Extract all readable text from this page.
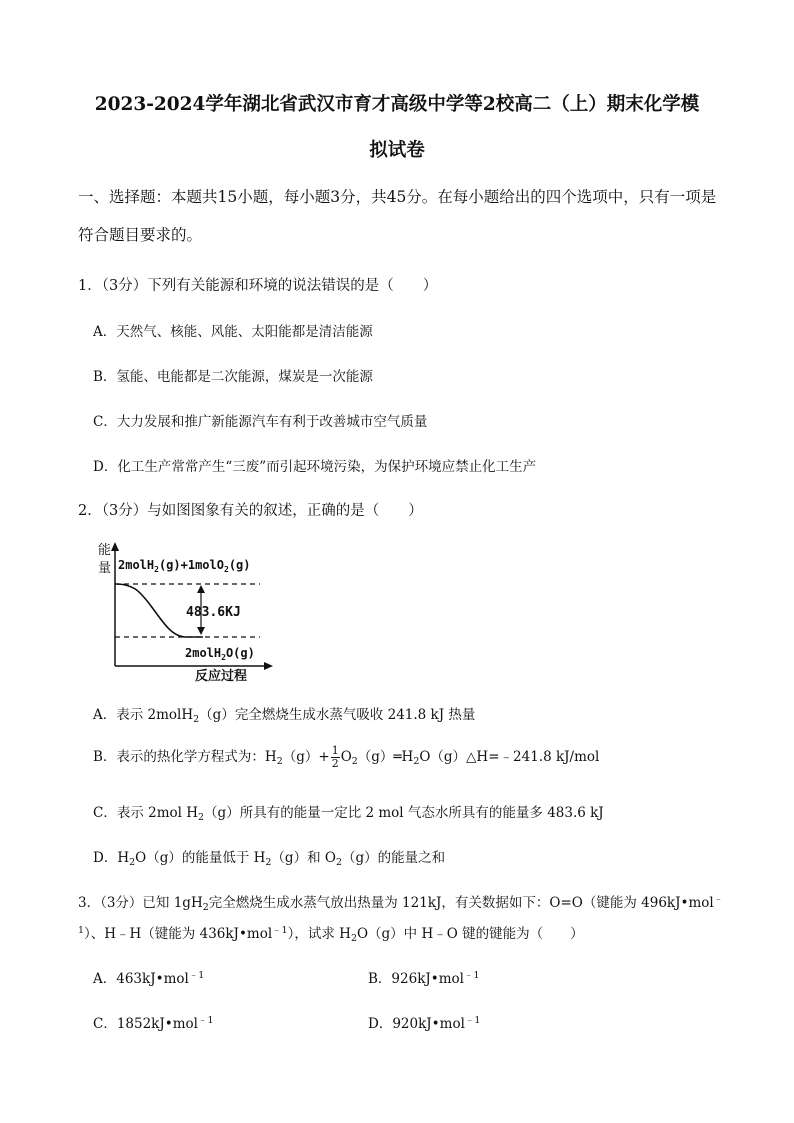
2023-2024学年湖北省武汉市育才高级中学等2校高二（上）期末化学模
拟试卷
一、选择题：本题共15小题，每小题3分，共45分。在每小题给出的四个选项中，只有一项是符合题目要求的。
1．（3分）下列有关能源和环境的说法错误的是（　　）
A．天然气、核能、风能、太阳能都是清洁能源
B．氢能、电能都是二次能源，煤炭是一次能源
C．大力发展和推广新能源汽车有利于改善城市空气质量
D．化工生产常常产生“三废”而引起环境污染，为保护环境应禁止化工生产
2．（3分）与如图图象有关的叙述，正确的是（　　）
能
量 2molH$_2$(g)+1molO$_2$(g)
483.6KJ
2molH$_2$O(g)
反应过程
A．表示 2molH$_2$（g）完全燃烧生成水蒸气吸收 241.8 kJ 热量
B．表示的热化学方程式为：$H_2(g)+ \frac{1}{2}$ $O_2(g)═H_2O(g)\triangle H=﹣241.8$ kJ/mol
C．表示 2mol $H_2(g)$所具有的能量一定比 2 mol 气态水所具有的能量多 483.6 kJ
D．$H_2O(g)$的能量低于 $H_2(g)$和 $O_2(g)$的能量之和
3．（3分）已知 $1gH_2$完全燃烧生成水蒸气放出热量为 121kJ，有关数据如下：O=O（键能为 496kJ•mol﹣
$^1$）、H﹣H（键能为 436kJ•mol$^{﹣1}$），试求 $H_2O(g)$中 H﹣O 键的键能为（　　）
A．463kJ•mol$^{﹣1}$	B．926kJ•mol$^{﹣1}$
C．1852kJ•mol$^{﹣1}$	D．920kJ•mol$^{﹣1}$
